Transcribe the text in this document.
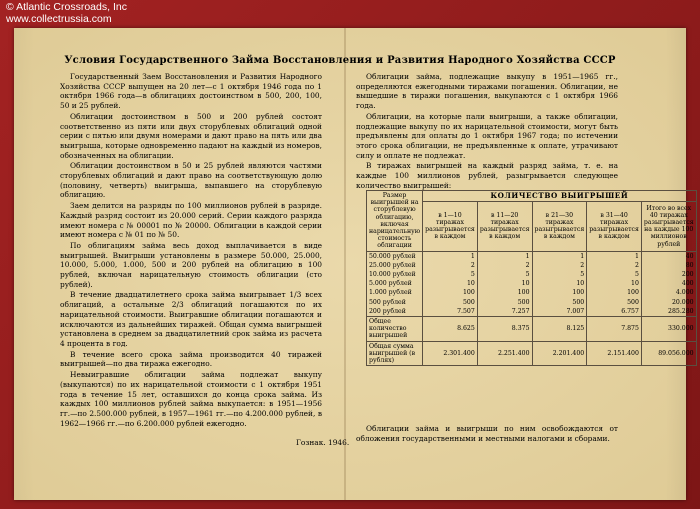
© Atlantic Crossroads, Inc
www.collectrussia.com
Условия Государственного Займа Восстановления и Развития Народного Хозяйства СССР

Государственный Заем Восстановления и Развития Народного Хозяйства СССР выпущен на 20 лет—с 1 октября 1946 года по 1 октября 1966 года—в облигациях достоинством в 500, 200, 100, 50 и 25 рублей.

Облигации достоинством в 500 и 200 рублей состоят соответственно из пяти или двух сторублевых облигаций одной серии с пятью или двумя номерами и дают право на пять или два выигрыша, которые одновременно падают на каждый из номеров, обозначенных на облигации.

Облигации достоинством в 50 и 25 рублей являются частями сторублевых облигаций и дают право на соответствующую долю (половину, четверть) выигрыша, выпавшего на сторублевую облигацию.

Заем делится на разряды по 100 миллионов рублей в разряде. Каждый разряд состоит из 20.000 серий. Серии каждого разряда имеют номера с № 00001 по № 20000. Облигации в каждой серии имеют номера с № 01 по № 50.

По облигациям займа весь доход выплачивается в виде выигрышей. Выигрыши установлены в размере 50.000, 25.000, 10.000, 5.000, 1.000, 500 и 200 рублей на облигацию в 100 рублей, включая нарицательную стоимость облигации (сто рублей).

В течение двадцатилетнего срока займа выигрывает 1/3 всех облигаций, а остальные 2/3 облигаций погашаются по их нарицательной стоимости. Выигравшие облигации погашаются и исключаются из дальнейших тиражей. Общая сумма выигрышей установлена в среднем за двадцатилетний срок займа из расчета 4 процента в год.

В течение всего срока займа производится 40 тиражей выигрышей—по два тиража ежегодно.

Невыигравшие облигации займа подлежат выкупу (выкупаются) по их нарицательной стоимости с 1 октября 1951 года в течение 15 лет, оставшихся до конца срока займа. Из каждых 100 миллионов рублей займа выкупается: в 1951—1956 гг.—по 2.500.000 рублей, в 1957—1961 гг.—по 4.200.000 рублей, в 1962—1966 гг.—по 6.200.000 рублей ежегодно.

Гознак. 1946.

Облигации займа, подлежащие выкупу в 1951—1965 гг., определяются ежегодными тиражами погашения. Облигации, не вышедшие в тиражи погашения, выкупаются с 1 октября 1966 года.

Облигации, на которые пали выигрыши, а также облигации, подлежащие выкупу по их нарицательной стоимости, могут быть предъявлены для оплаты до 1 октября 1967 года; по истечении этого срока облигации, не предъявленные к оплате, утрачивают силу и оплате не подлежат.

В тиражах выигрышей на каждый разряд займа, т. е. на каждые 100 миллионов рублей, разыгрывается следующее количество выигрышей:

Размер выигрышей на сторублевую облигацию, включая нарицательную стоимость облигации	КОЛИЧЕСТВО ВЫИГРЫШЕЙ				
	в 1—10 тиражах разыгрывается в каждом	в 11—20 тиражах разыгрывается в каждом	в 21—30 тиражах разыгрывается в каждом	в 31—40 тиражах разыгрывается в каждом	Итого во всех 40 тиражах разыгрывается на каждые 100 миллионов рублей
50.000 рублей	1	1	1	1	40
25.000 рублей	2	2	2	2	80
10.000 рублей	5	5	5	5	200
5.000 рублей	10	10	10	10	400
1.000 рублей	100	100	100	100	4.000
500 рублей	500	500	500	500	20.000
200 рублей	7.507	7.257	7.007	6.757	285.280
Общее количество выигрышей	8.625	8.375	8.125	7.875	330.000
Общая сумма выигрышей (в рублях)	2.301.400	2.251.400	2.201.400	2.151.400	89.056.000
Облигации займа и выигрыши по ним освобождаются от обложения государственными и местными налогами и сборами.
